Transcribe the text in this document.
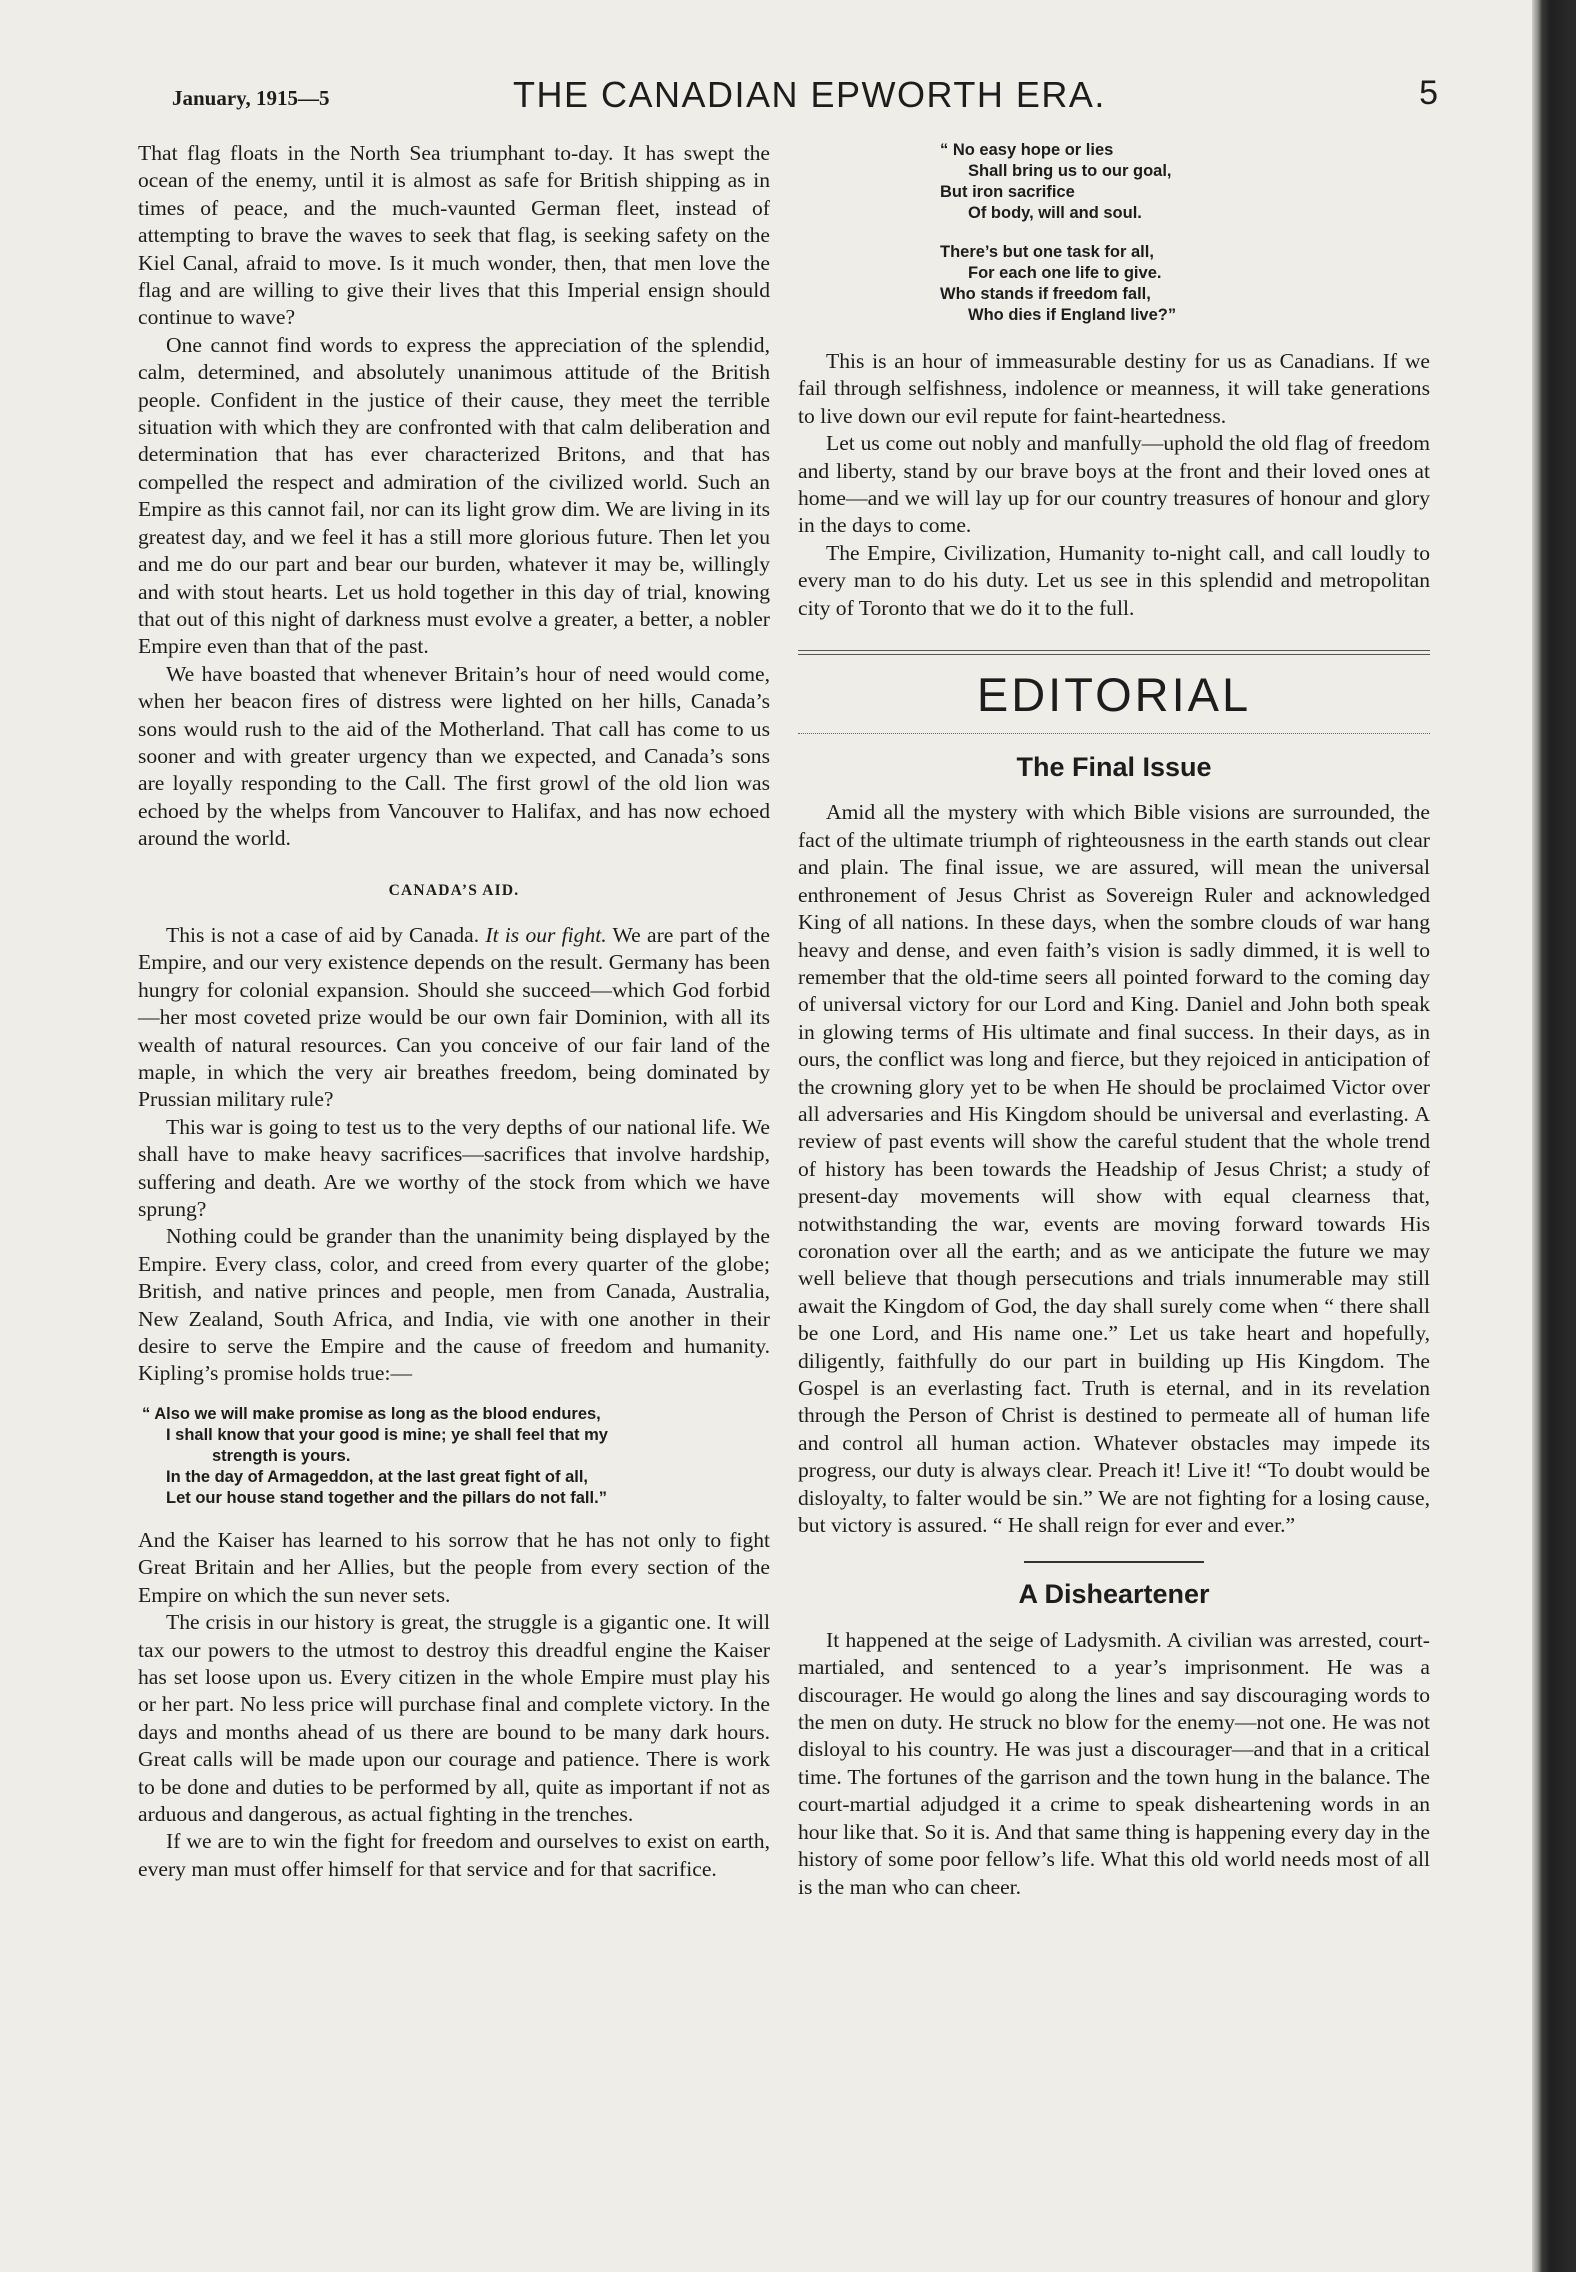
January, 1915—5	THE CANADIAN EPWORTH ERA.	5

That flag floats in the North Sea triumphant to-day. It has swept the ocean of the enemy, until it is almost as safe for British shipping as in times of peace, and the much-vaunted German fleet, instead of attempting to brave the waves to seek that flag, is seeking safety on the Kiel Canal, afraid to move. Is it much wonder, then, that men love the flag and are willing to give their lives that this Imperial ensign should continue to wave?

One cannot find words to express the appreciation of the splendid, calm, determined, and absolutely unanimous attitude of the British people. Confident in the justice of their cause, they meet the terrible situation with which they are confronted with that calm deliberation and determination that has ever characterized Britons, and that has compelled the respect and admiration of the civilized world. Such an Empire as this cannot fail, nor can its light grow dim. We are living in its greatest day, and we feel it has a still more glorious future. Then let you and me do our part and bear our burden, whatever it may be, willingly and with stout hearts. Let us hold together in this day of trial, knowing that out of this night of darkness must evolve a greater, a better, a nobler Empire even than that of the past.

We have boasted that whenever Britain’s hour of need would come, when her beacon fires of distress were lighted on her hills, Canada’s sons would rush to the aid of the Motherland. That call has come to us sooner and with greater urgency than we expected, and Canada’s sons are loyally responding to the Call. The first growl of the old lion was echoed by the whelps from Vancouver to Halifax, and has now echoed around the world.

CANADA’S AID.

This is not a case of aid by Canada. It is our fight. We are part of the Empire, and our very existence depends on the result. Germany has been hungry for colonial expansion. Should she succeed—which God forbid—her most coveted prize would be our own fair Dominion, with all its wealth of natural resources. Can you conceive of our fair land of the maple, in which the very air breathes freedom, being dominated by Prussian military rule?

This war is going to test us to the very depths of our national life. We shall have to make heavy sacrifices—sacrifices that involve hardship, suffering and death. Are we worthy of the stock from which we have sprung?

Nothing could be grander than the unanimity being displayed by the Empire. Every class, color, and creed from every quarter of the globe; British, and native princes and people, men from Canada, Australia, New Zealand, South Africa, and India, vie with one another in their desire to serve the Empire and the cause of freedom and humanity. Kipling’s promise holds true:—

“ Also we will make promise as long as the blood endures,
I shall know that your good is mine; ye shall feel that my
strength is yours.
In the day of Armageddon, at the last great fight of all,
Let our house stand together and the pillars do not fall.”

And the Kaiser has learned to his sorrow that he has not only to fight Great Britain and her Allies, but the people from every section of the Empire on which the sun never sets.

The crisis in our history is great, the struggle is a gigantic one. It will tax our powers to the utmost to destroy this dreadful engine the Kaiser has set loose upon us. Every citizen in the whole Empire must play his or her part. No less price will purchase final and complete victory. In the days and months ahead of us there are bound to be many dark hours. Great calls will be made upon our courage and patience. There is work to be done and duties to be performed by all, quite as important if not as arduous and dangerous, as actual fighting in the trenches.

If we are to win the fight for freedom and ourselves to exist on earth, every man must offer himself for that service and for that sacrifice.

“ No easy hope or lies
Shall bring us to our goal,
But iron sacrifice
Of body, will and soul.
There’s but one task for all,
For each one life to give.
Who stands if freedom fall,
Who dies if England live?”

This is an hour of immeasurable destiny for us as Canadians. If we fail through selfishness, indolence or meanness, it will take generations to live down our evil repute for faint-heartedness.

Let us come out nobly and manfully—uphold the old flag of freedom and liberty, stand by our brave boys at the front and their loved ones at home—and we will lay up for our country treasures of honour and glory in the days to come.

The Empire, Civilization, Humanity to-night call, and call loudly to every man to do his duty. Let us see in this splendid and metropolitan city of Toronto that we do it to the full.

EDITORIAL
The Final Issue

Amid all the mystery with which Bible visions are surrounded, the fact of the ultimate triumph of righteousness in the earth stands out clear and plain. The final issue, we are assured, will mean the universal enthronement of Jesus Christ as Sovereign Ruler and acknowledged King of all nations. In these days, when the sombre clouds of war hang heavy and dense, and even faith’s vision is sadly dimmed, it is well to remember that the old-time seers all pointed forward to the coming day of universal victory for our Lord and King. Daniel and John both speak in glowing terms of His ultimate and final success. In their days, as in ours, the conflict was long and fierce, but they rejoiced in anticipation of the crowning glory yet to be when He should be proclaimed Victor over all adversaries and His Kingdom should be universal and everlasting. A review of past events will show the careful student that the whole trend of history has been towards the Headship of Jesus Christ; a study of present-day movements will show with equal clearness that, notwithstanding the war, events are moving forward towards His coronation over all the earth; and as we anticipate the future we may well believe that though persecutions and trials innumerable may still await the Kingdom of God, the day shall surely come when “ there shall be one Lord, and His name one.” Let us take heart and hopefully, diligently, faithfully do our part in building up His Kingdom. The Gospel is an everlasting fact. Truth is eternal, and in its revelation through the Person of Christ is destined to permeate all of human life and control all human action. Whatever obstacles may impede its progress, our duty is always clear. Preach it! Live it! “To doubt would be disloyalty, to falter would be sin.” We are not fighting for a losing cause, but victory is assured. “ He shall reign for ever and ever.”

A Disheartener

It happened at the seige of Ladysmith. A civilian was arrested, court-martialed, and sentenced to a year’s imprisonment. He was a discourager. He would go along the lines and say discouraging words to the men on duty. He struck no blow for the enemy—not one. He was not disloyal to his country. He was just a discourager—and that in a critical time. The fortunes of the garrison and the town hung in the balance. The court-martial adjudged it a crime to speak disheartening words in an hour like that. So it is. And that same thing is happening every day in the history of some poor fellow’s life. What this old world needs most of all is the man who can cheer.
